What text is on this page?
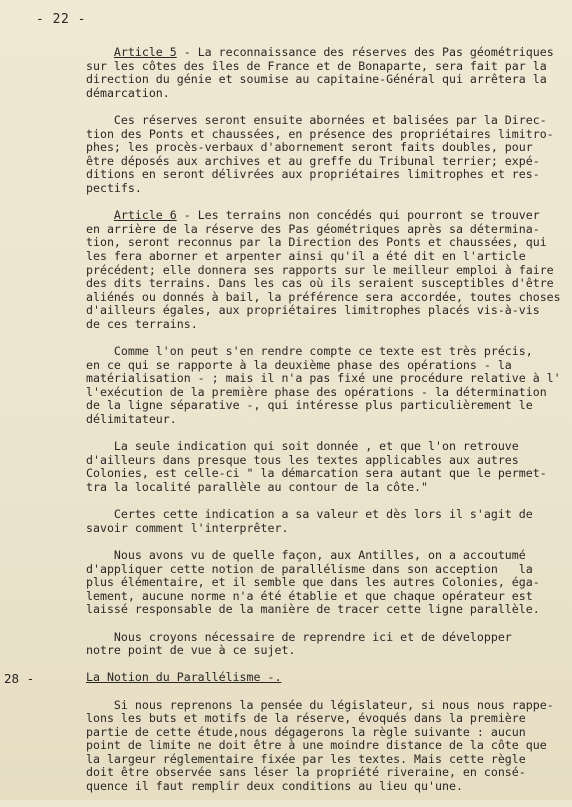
- 22 -
Article 5 - La reconnaissance des réserves des Pas géométriques
sur les côtes des îles de France et de Bonaparte, sera fait par la
direction du génie et soumise au capitaine-Général qui arrêtera la
démarcation.
Ces réserves seront ensuite abornées et balisées par la Direc-
tion des Ponts et chaussées, en présence des propriétaires limitro-
phes; les procès-verbaux d'abornement seront faits doubles, pour
être déposés aux archives et au greffe du Tribunal terrier; expé-
ditions en seront délivrées aux propriétaires limitrophes et res-
pectifs.
Article 6 - Les terrains non concédés qui pourront se trouver
en arrière de la réserve des Pas géométriques après sa détermina-
tion, seront reconnus par la Direction des Ponts et chaussées, qui
les fera aborner et arpenter ainsi qu'il a été dit en l'article
précédent; elle donnera ses rapports sur le meilleur emploi à faire
des dits terrains. Dans les cas où ils seraient susceptibles d'être
aliénés ou donnés à bail, la préférence sera accordée, toutes choses
d'ailleurs égales, aux propriétaires limitrophes placés vis-à-vis
de ces terrains.
Comme l'on peut s'en rendre compte ce texte est très précis,
en ce qui se rapporte à la deuxième phase des opérations - la
matérialisation - ; mais il n'a pas fixé une procédure relative à l'
l'exécution de la première phase des opérations - la détermination
de la ligne séparative -, qui intéresse plus particulièrement le
délimitateur.
La seule indication qui soit donnée , et que l'on retrouve
d'ailleurs dans presque tous les textes applicables aux autres
Colonies, est celle-ci " la démarcation sera autant que le permet-
tra la localité parallèle au contour de la côte."
Certes cette indication a sa valeur et dès lors il s'agit de
savoir comment l'interprêter.
Nous avons vu de quelle façon, aux Antilles, on a accoutumé
d'appliquer cette notion de parallélisme dans son acception   la
plus élémentaire, et il semble que dans les autres Colonies, éga-
lement, aucune norme n'a été établie et que chaque opérateur est
laissé responsable de la manière de tracer cette ligne parallèle.
Nous croyons nécessaire de reprendre ici et de développer
notre point de vue à ce sujet.
La Notion du Parallélisme -.
Si nous reprenons la pensée du législateur, si nous nous rappe-
lons les buts et motifs de la réserve, évoqués dans la première
partie de cette étude,nous dégagerons la règle suivante : aucun
point de limite ne doit être à une moindre distance de la côte que
la largeur réglementaire fixée par les textes. Mais cette règle
doit être observée sans léser la propriété riveraine, en consé-
quence il faut remplir deux conditions au lieu qu'une.
28 -
